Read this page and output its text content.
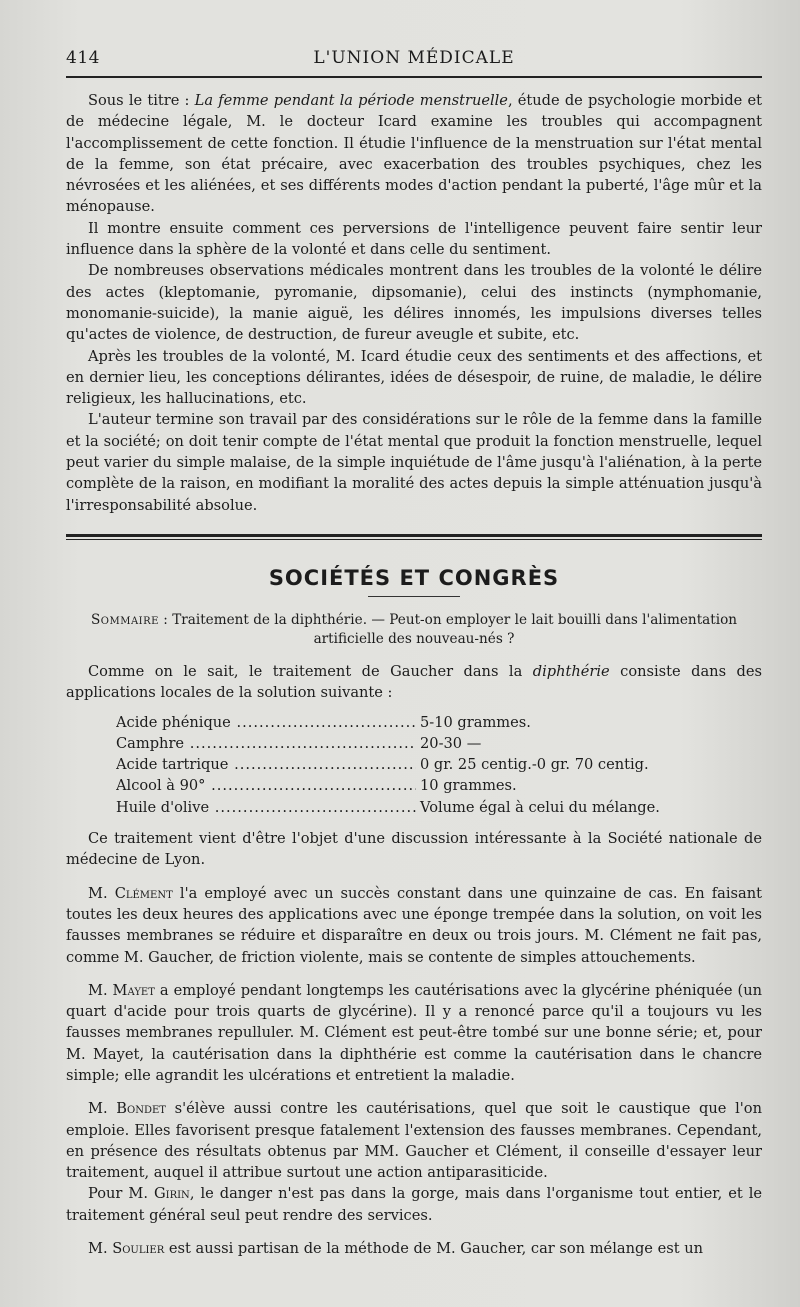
414	L'UNION MÉDICALE

Sous le titre : La femme pendant la période menstruelle, étude de psychologie morbide et de médecine légale, M. le docteur Icard examine les troubles qui accompagnent l'accomplissement de cette fonction. Il étudie l'influence de la menstruation sur l'état mental de la femme, son état précaire, avec exacerbation des troubles psychiques, chez les névrosées et les aliénées, et ses différents modes d'action pendant la puberté, l'âge mûr et la ménopause.

Il montre ensuite comment ces perversions de l'intelligence peuvent faire sentir leur influence dans la sphère de la volonté et dans celle du sentiment.

De nombreuses observations médicales montrent dans les troubles de la volonté le délire des actes (kleptomanie, pyromanie, dipsomanie), celui des instincts (nymphomanie, monomanie-suicide), la manie aiguë, les délires innomés, les impulsions diverses telles qu'actes de violence, de destruction, de fureur aveugle et subite, etc.

Après les troubles de la volonté, M. Icard étudie ceux des sentiments et des affections, et en dernier lieu, les conceptions délirantes, idées de désespoir, de ruine, de maladie, le délire religieux, les hallucinations, etc.

L'auteur termine son travail par des considérations sur le rôle de la femme dans la famille et la société; on doit tenir compte de l'état mental que produit la fonction menstruelle, lequel peut varier du simple malaise, de la simple inquiétude de l'âme jusqu'à l'aliénation, à la perte complète de la raison, en modifiant la moralité des actes depuis la simple atténuation jusqu'à l'irresponsabilité absolue.

SOCIÉTÉS ET CONGRÈS
Sommaire : Traitement de la diphthérie. — Peut-on employer le lait bouilli dans l'alimentation artificielle des nouveau-nés ?

Comme on le sait, le traitement de Gaucher dans la diphthérie consiste dans des applications locales de la solution suivante :

Acide phénique .....	5-10 grammes.
Camphre .....	20-30 —
Acide tartrique .....	0 gr. 25 centig.-0 gr. 70 centig.
Alcool à 90° .....	10 grammes.
Huile d'olive .....	Volume égal à celui du mélange.

Ce traitement vient d'être l'objet d'une discussion intéressante à la Société nationale de médecine de Lyon.

M. Clément l'a employé avec un succès constant dans une quinzaine de cas. En faisant toutes les deux heures des applications avec une éponge trempée dans la solution, on voit les fausses membranes se réduire et disparaître en deux ou trois jours. M. Clément ne fait pas, comme M. Gaucher, de friction violente, mais se contente de simples attouchements.

M. Mayet a employé pendant longtemps les cautérisations avec la glycérine phéniquée (un quart d'acide pour trois quarts de glycérine). Il y a renoncé parce qu'il a toujours vu les fausses membranes repulluler. M. Clément est peut-être tombé sur une bonne série; et, pour M. Mayet, la cautérisation dans la diphthérie est comme la cautérisation dans le chancre simple; elle agrandit les ulcérations et entretient la maladie.

M. Bondet s'élève aussi contre les cautérisations, quel que soit le caustique que l'on emploie. Elles favorisent presque fatalement l'extension des fausses membranes. Cependant, en présence des résultats obtenus par MM. Gaucher et Clément, il conseille d'essayer leur traitement, auquel il attribue surtout une action antiparasiticide.

Pour M. Girin, le danger n'est pas dans la gorge, mais dans l'organisme tout entier, et le traitement général seul peut rendre des services.

M. Soulier est aussi partisan de la méthode de M. Gaucher, car son mélange est un
